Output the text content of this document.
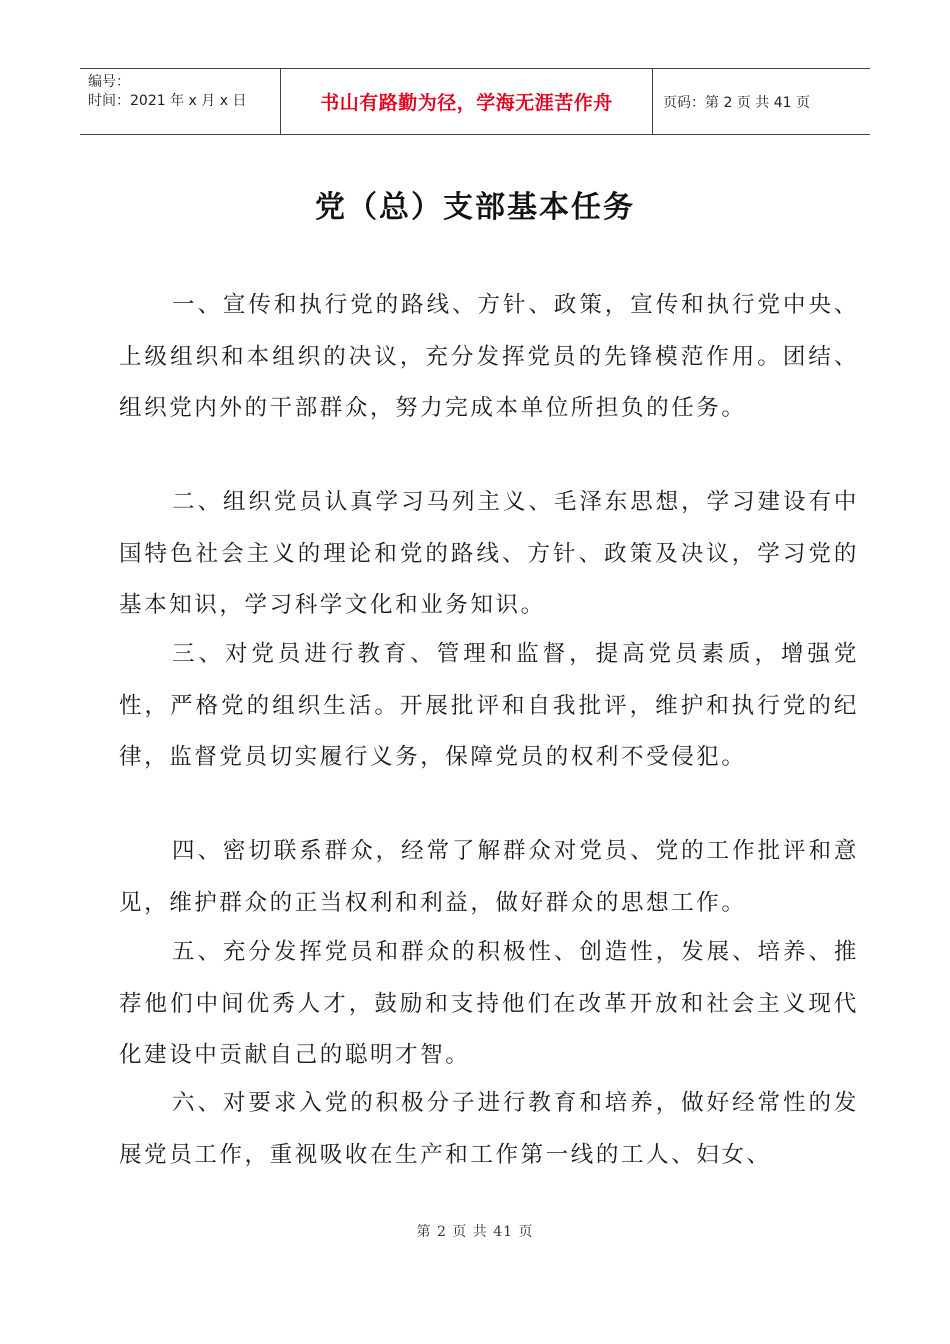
编号：
时间：2021 年 x 月 x 日	书山有路勤为径，学海无涯苦作舟	页码：第 2 页 共 41 页
党（总）支部基本任务

一、宣传和执行党的路线、方针、政策，宣传和执行党中央、上级组织和本组织的决议，充分发挥党员的先锋模范作用。团结、组织党内外的干部群众，努力完成本单位所担负的任务。

二、组织党员认真学习马列主义、毛泽东思想，学习建设有中国特色社会主义的理论和党的路线、方针、政策及决议，学习党的基本知识，学习科学文化和业务知识。

三、对党员进行教育、管理和监督，提高党员素质，增强党性，严格党的组织生活。开展批评和自我批评，维护和执行党的纪律，监督党员切实履行义务，保障党员的权利不受侵犯。

四、密切联系群众，经常了解群众对党员、党的工作批评和意见，维护群众的正当权利和利益，做好群众的思想工作。

五、充分发挥党员和群众的积极性、创造性，发展、培养、推荐他们中间优秀人才，鼓励和支持他们在改革开放和社会主义现代化建设中贡献自己的聪明才智。

六、对要求入党的积极分子进行教育和培养，做好经常性的发展党员工作，重视吸收在生产和工作第一线的工人、妇女、

第 2 页 共 41 页
